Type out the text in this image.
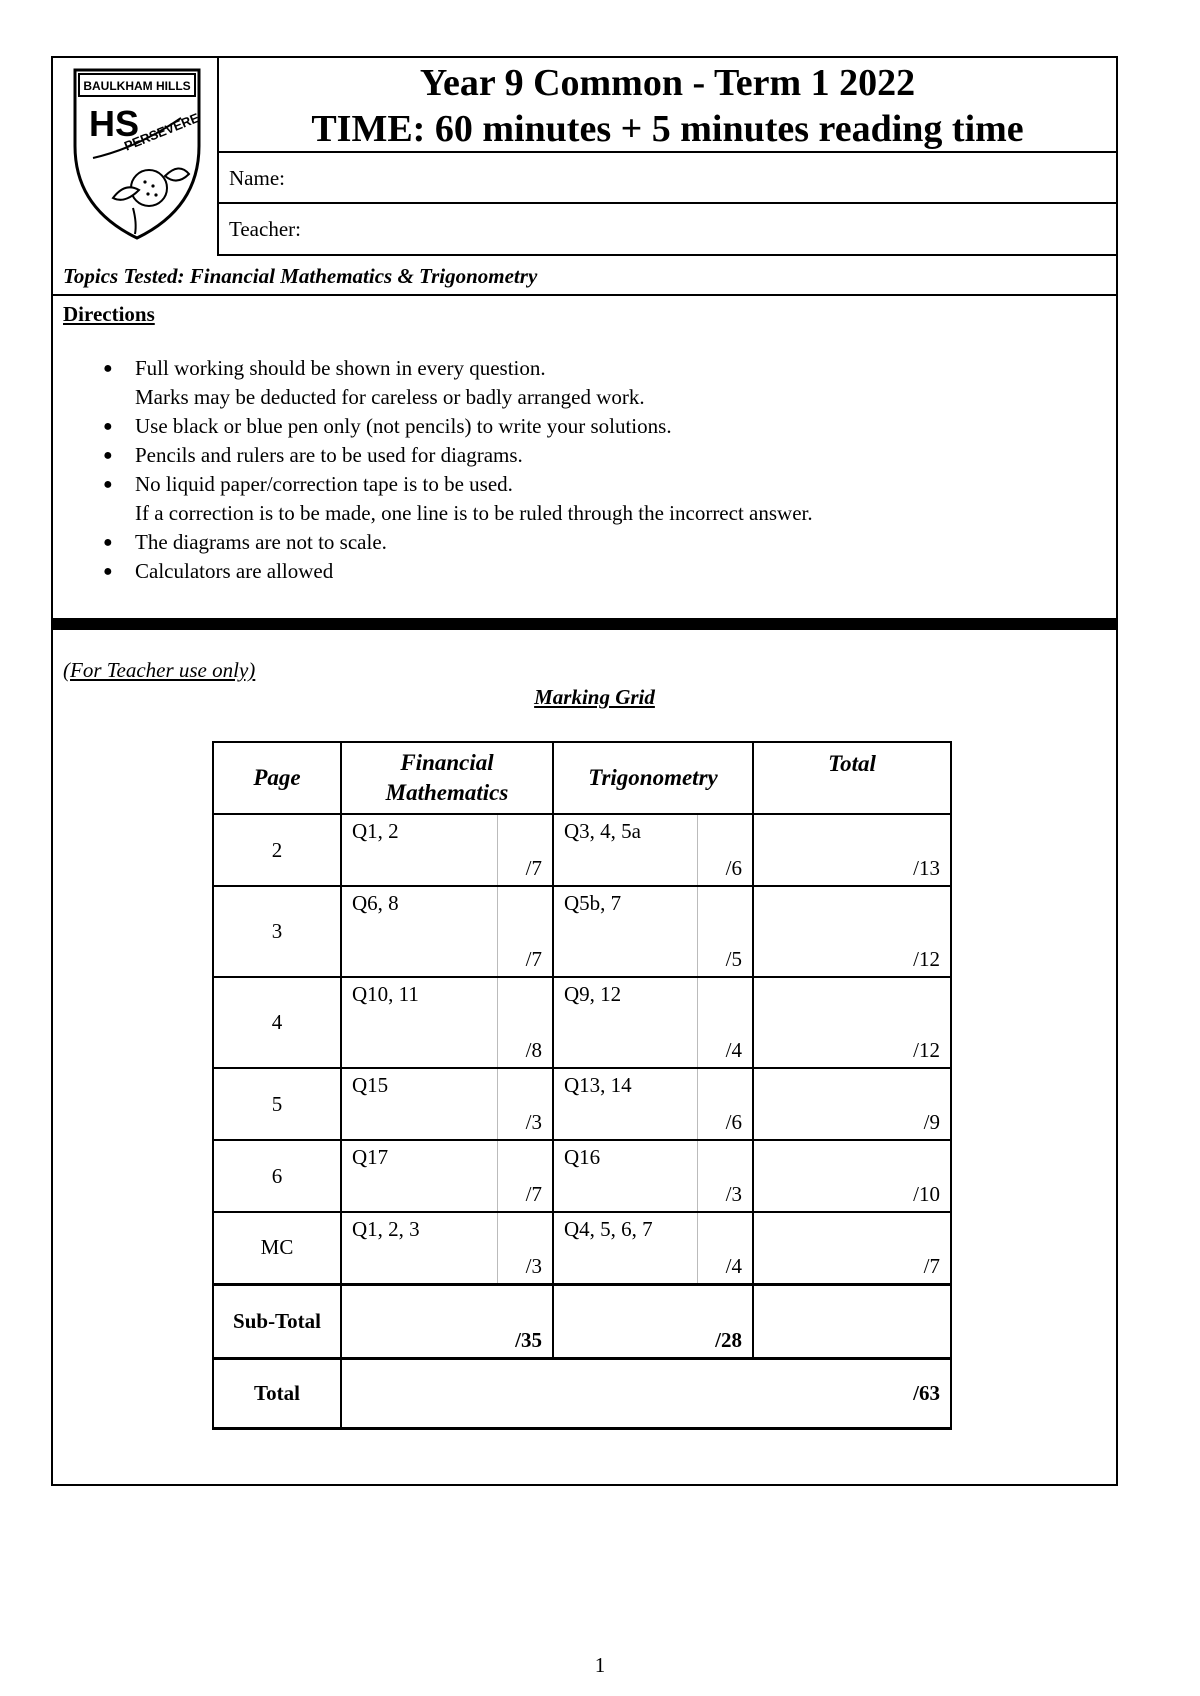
BAULKHAM HILLS
HS
PERSEVERE
Year 9 Common - Term 1 2022
TIME: 60 minutes + 5 minutes reading time
Name:
Teacher:
Topics Tested: Financial Mathematics & Trigonometry
Directions
● Full working should be shown in every question.
Marks may be deducted for careless or badly arranged work.
● Use black or blue pen only (not pencils) to write your solutions.
● Pencils and rulers are to be used for diagrams.
● No liquid paper/correction tape is to be used.
If a correction is to be made, one line is to be ruled through the incorrect answer.
● The diagrams are not to scale.
● Calculators are allowed
(For Teacher use only)
Marking Grid
Page	Financial Mathematics		Trigonometry		Total
2	Q1, 2	/7	Q3, 4, 5a	/6	/13
3	Q6, 8	/7	Q5b, 7	/5	/12
4	Q10, 11	/8	Q9, 12	/4	/12
5	Q15	/3	Q13, 14	/6	/9
6	Q17	/7	Q16	/3	/10
MC	Q1, 2, 3	/3	Q4, 5, 6, 7	/4	/7
Sub-Total	/35		/28		
Total	/63				
1
